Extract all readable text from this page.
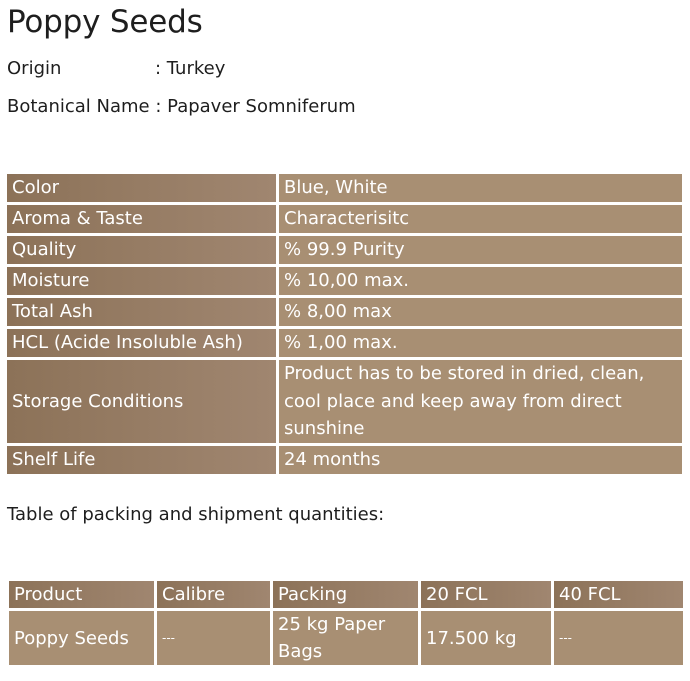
Poppy Seeds
Origin	: Turkey
Botanical Name : Papaver Somniferum
Color	Blue, White
Aroma & Taste	Characterisitc
Quality	% 99.9 Purity
Moisture	% 10,00 max.
Total Ash	% 8,00 max
HCL (Acide Insoluble Ash)	% 1,00 max.
Storage Conditions	Product has to be stored in dried, clean, cool place and keep away from direct sunshine
Shelf Life	24 months
Table of packing and shipment quantities:
Product	Calibre	Packing	20 FCL	40 FCL
Poppy Seeds	---	25 kg Paper Bags	17.500 kg	---
